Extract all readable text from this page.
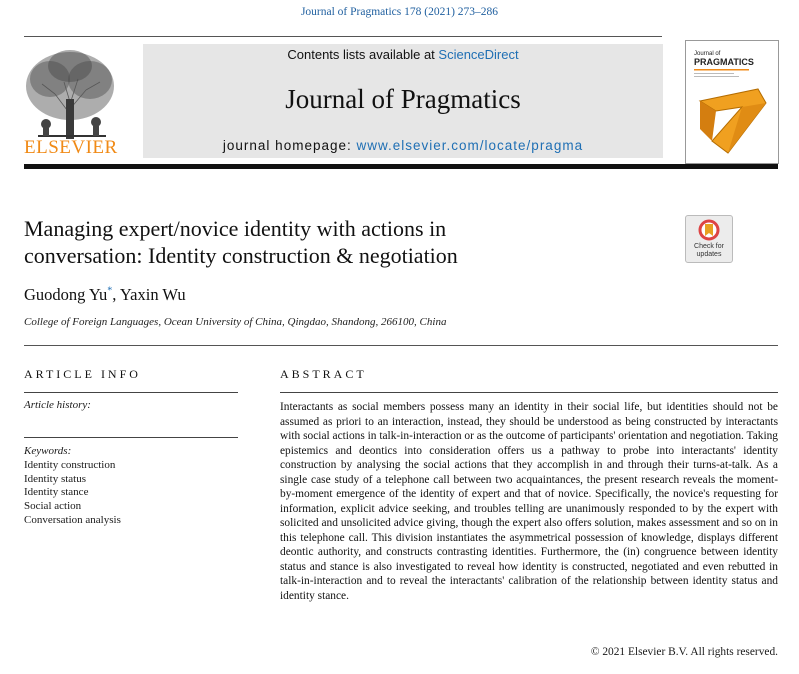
Journal of Pragmatics 178 (2021) 273–286
ELSEVIER
Contents lists available at ScienceDirect
Journal of Pragmatics
journal homepage: www.elsevier.com/locate/pragma
Journal of
PRAGMATICS
Managing expert/novice identity with actions in
conversation: Identity construction & negotiation	Check for
updates
Guodong Yu*, Yaxin Wu
College of Foreign Languages, Ocean University of China, Qingdao, Shandong, 266100, China
ARTICLE INFO
Article history:
Keywords:
Identity construction
Identity status
Identity stance
Social action
Conversation analysis
ABSTRACT
Interactants as social members possess many an identity in their social life, but identities should not be assumed as priori to an interaction, instead, they should be understood as being constructed by interactants with social actions in talk-in-interaction or as the outcome of participants' orientation and negotiation. Taking epistemics and deontics into consideration offers us a pathway to probe into interactants' identity construction by analysing the social actions that they accomplish in and through their turns-at-talk. As a single case study of a telephone call between two acquaintances, the present research reveals the moment-by-moment emergence of the identity of expert and that of novice. Specifically, the novice's requesting for information, explicit advice seeking, and troubles telling are unanimously responded to by the expert with solicited and unsolicited advice giving, though the expert also offers solution, makes assessment and so on in this telephone call. This division instantiates the asymmetrical possession of knowledge, displays different deontic authority, and constructs contrasting identities. Furthermore, the (in) congruence between identity status and stance is also investigated to reveal how identity is constructed, negotiated and even rebutted in talk-in-interaction and to reveal the interactants' calibration of the relationship between identity status and identity stance.
© 2021 Elsevier B.V. All rights reserved.
